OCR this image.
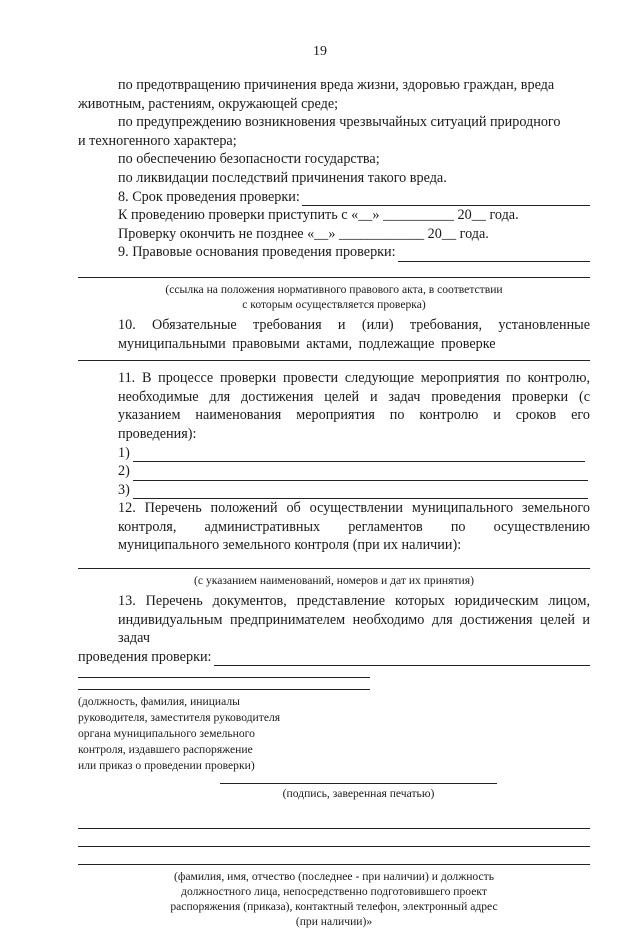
19
по предотвращению причинения вреда жизни, здоровью граждан, вреда
животным, растениям, окружающей среде;
по предупреждению возникновения чрезвычайных ситуаций природного
и техногенного характера;
по обеспечению безопасности государства;
по ликвидации последствий причинения такого вреда.
8. Срок проведения проверки:
К проведению проверки приступить с «__» __________ 20__ года.
Проверку окончить не позднее «__» ____________ 20__ года.
9. Правовые основания проведения проверки:
(ссылка на положения нормативного правового акта, в соответствии
с которым осуществляется проверка)
10. Обязательные требования и (или) требования, установленные муниципальными правовыми актами, подлежащие проверке
11. В процессе проверки провести следующие мероприятия по контролю, необходимые для достижения целей и задач проведения проверки (с указанием наименования мероприятия по контролю и сроков его проведения):
1)
2)
3)
12. Перечень положений об осуществлении муниципального земельного контроля, административных регламентов по осуществлению муниципального земельного контроля (при их наличии):
(с указанием наименований, номеров и дат их принятия)
13. Перечень документов, представление которых юридическим лицом, индивидуальным предпринимателем необходимо для достижения целей и задач
проведения проверки:
(должность, фамилия, инициалы
руководителя, заместителя руководителя
органа муниципального земельного
контроля, издавшего распоряжение
или приказ о проведении проверки)
(подпись, заверенная печатью)
(фамилия, имя, отчество (последнее - при наличии) и должность
должностного лица, непосредственно подготовившего проект
распоряжения (приказа), контактный телефон, электронный адрес
(при наличии)»
